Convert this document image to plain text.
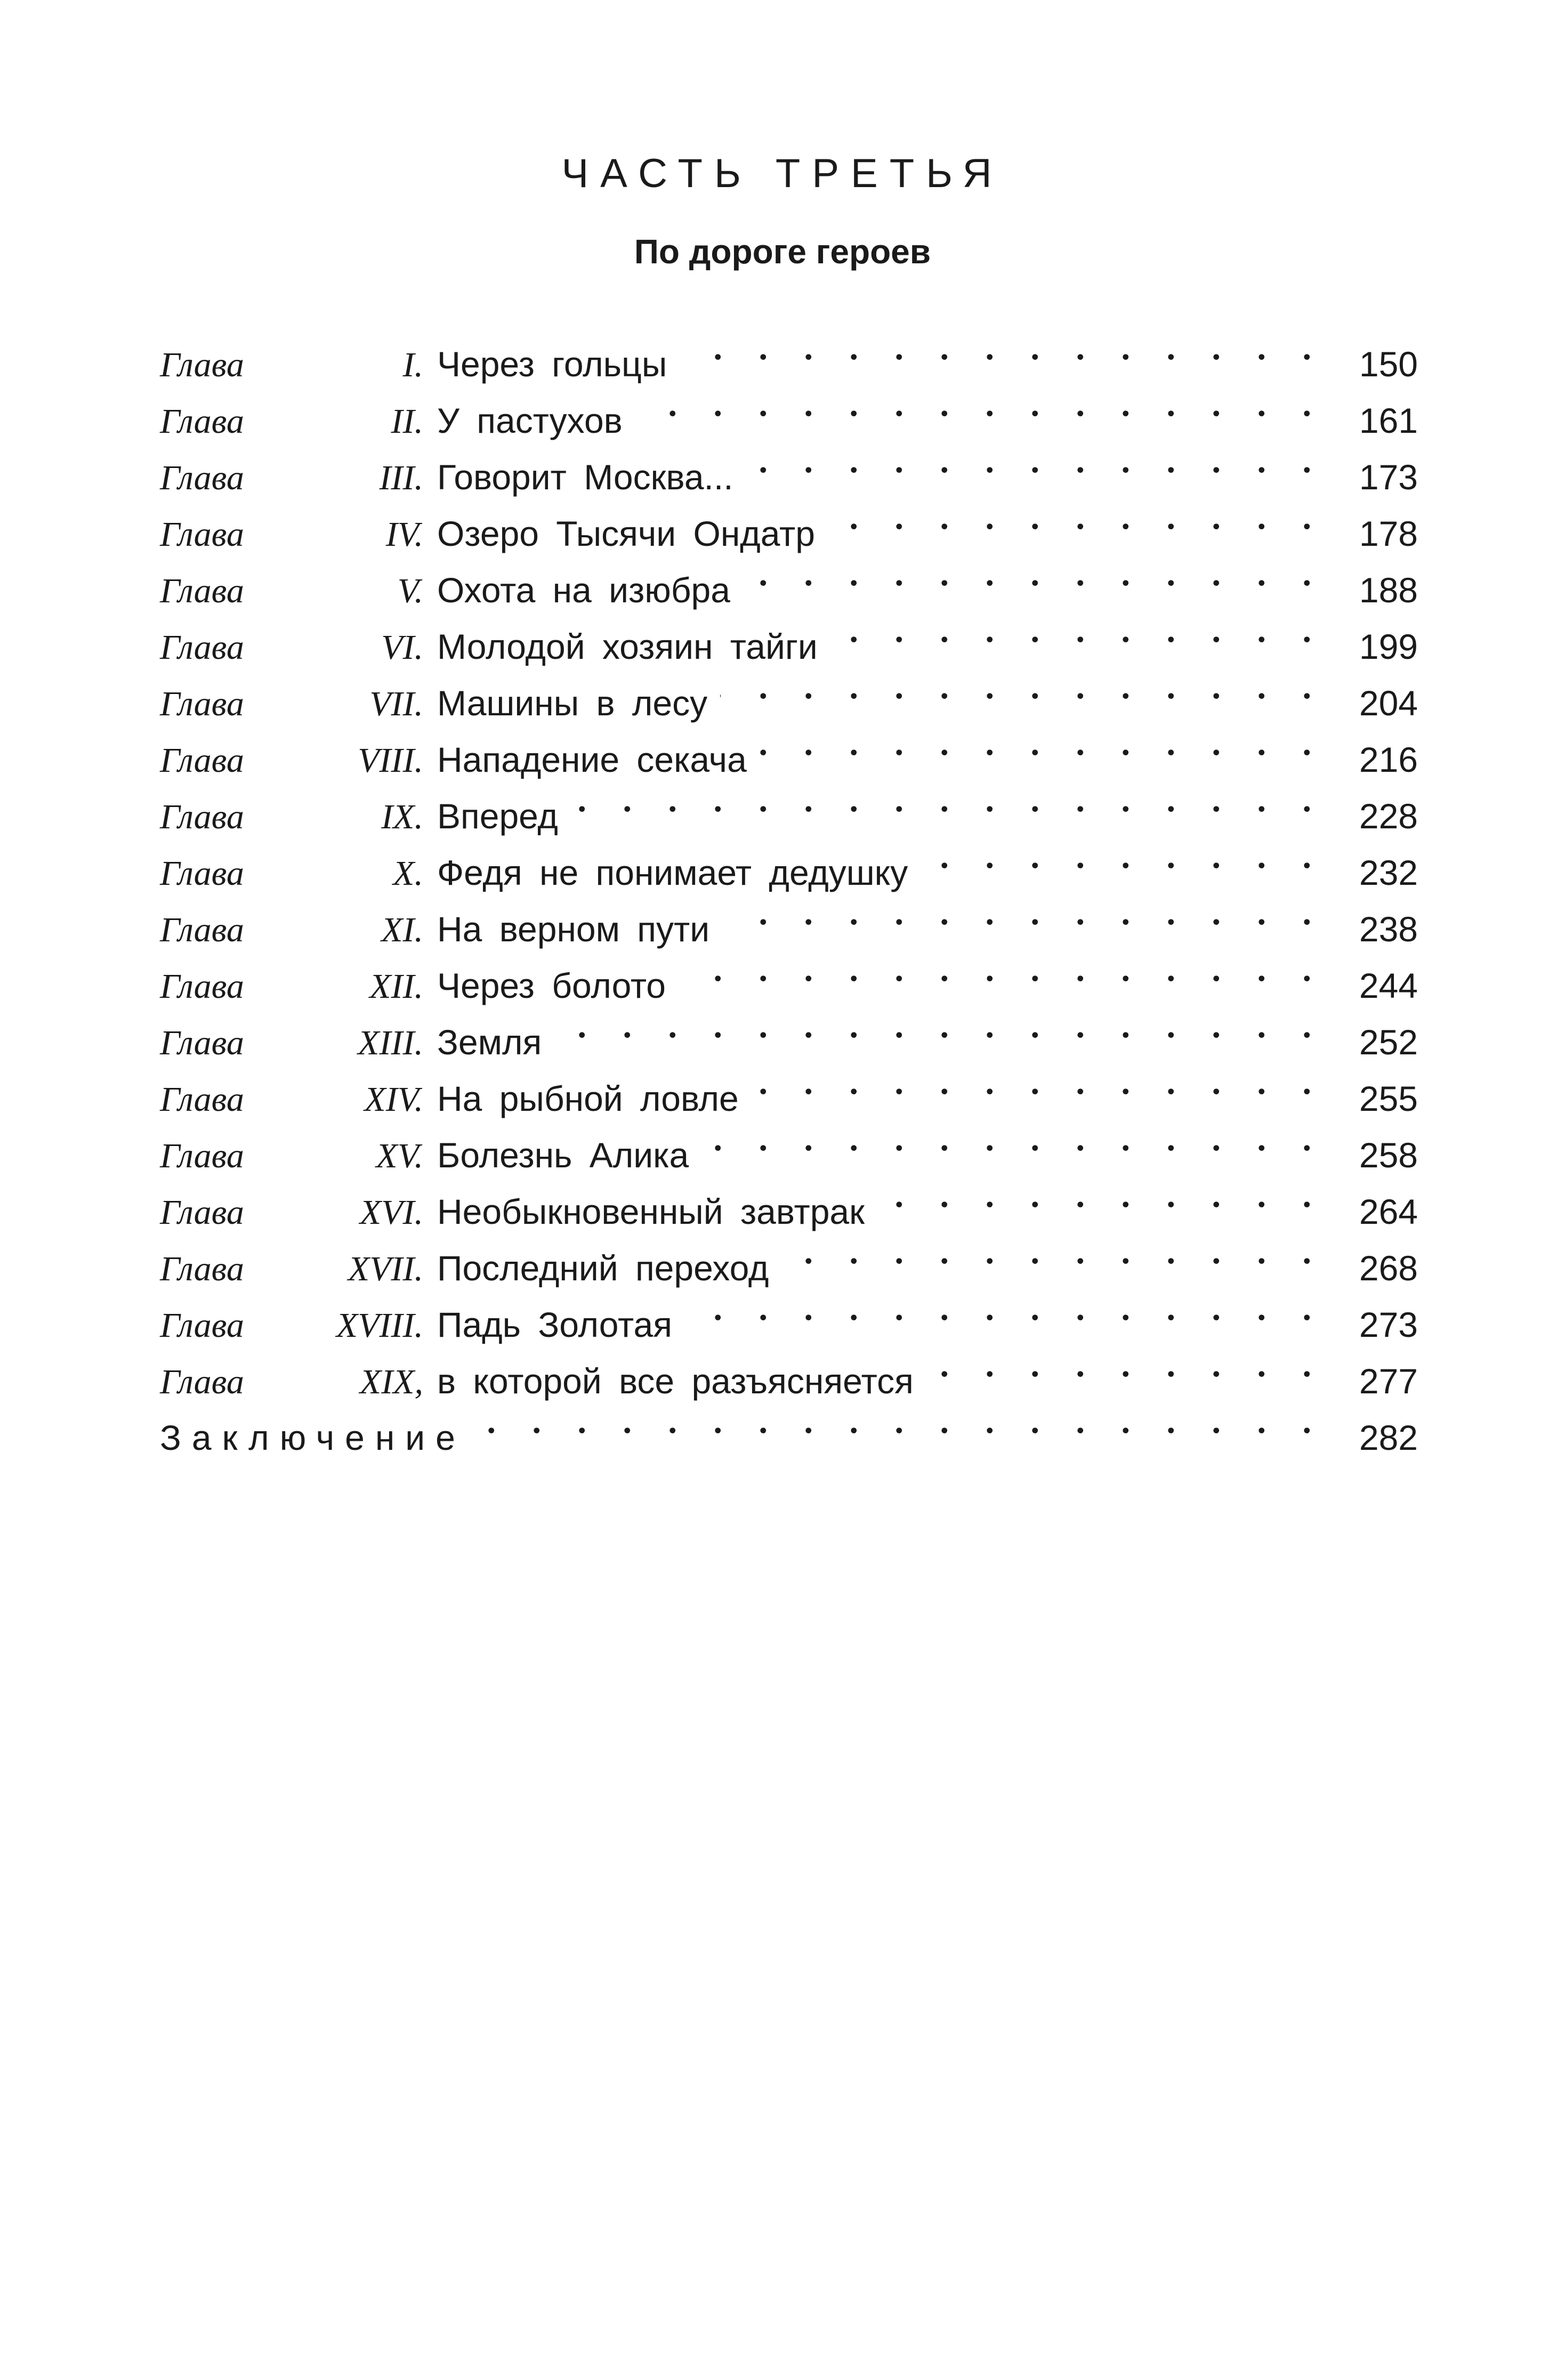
ЧАСТЬ ТРЕТЬЯ
По дороге героев
Глава	I. Через гольцы . . .	150
Глава	II. У пастухов . . .	161
Глава	III. Говорит Москва... . . .	173
Глава	IV. Озеро Тысячи Ондатр . . .	178
Глава	V. Охота на изюбра . . .	188
Глава	VI. Молодой хозяин тайги . . .	199
Глава	VII. Машины в лесу . . .	204
Глава	VIII. Нападение секача . . .	216
Глава	IX. Вперед . . .	228
Глава	X. Федя не понимает дедушку . . .	232
Глава	XI. На верном пути . . .	238
Глава	XII. Через болото . . .	244
Глава	XIII. Земля . . .	252
Глава	XIV. На рыбной ловле . . .	255
Глава	XV. Болезнь Алика . . .	258
Глава	XVI. Необыкновенный завтрак . . .	264
Глава	XVII. Последний переход . . .	268
Глава	XVIII. Падь Золотая . . .	273
Глава	XIX, в которой все разъясняется . . .	277
Заключение . . .	282
